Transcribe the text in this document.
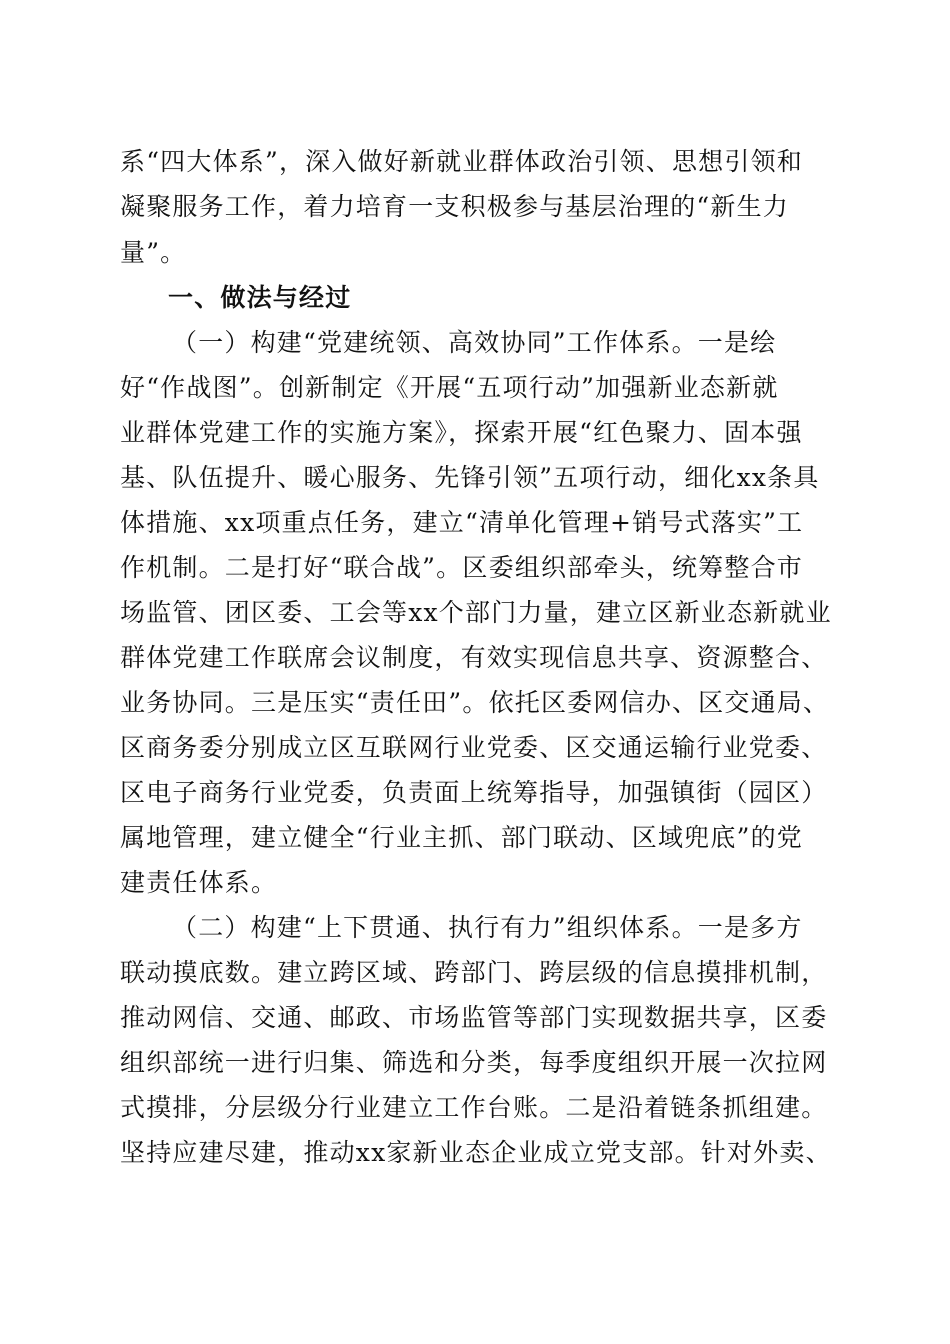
系“四大体系”，深入做好新就业群体政治引领、思想引领和
凝聚服务工作，着力培育一支积极参与基层治理的“新生力
量”。
一、做法与经过
（一）构建“党建统领、高效协同”工作体系。一是绘
好“作战图”。创新制定《开展“五项行动”加强新业态新就
业群体党建工作的实施方案》，探索开展“红色聚力、固本强
基、队伍提升、暖心服务、先锋引领”五项行动，细化xx条具
体措施、xx项重点任务，建立“清单化管理+销号式落实”工
作机制。二是打好“联合战”。区委组织部牵头，统筹整合市
场监管、团区委、工会等xx个部门力量，建立区新业态新就业
群体党建工作联席会议制度，有效实现信息共享、资源整合、
业务协同。三是压实“责任田”。依托区委网信办、区交通局、
区商务委分别成立区互联网行业党委、区交通运输行业党委、
区电子商务行业党委，负责面上统筹指导，加强镇街（园区）
属地管理，建立健全“行业主抓、部门联动、区域兜底”的党
建责任体系。
（二）构建“上下贯通、执行有力”组织体系。一是多方
联动摸底数。建立跨区域、跨部门、跨层级的信息摸排机制，
推动网信、交通、邮政、市场监管等部门实现数据共享，区委
组织部统一进行归集、筛选和分类，每季度组织开展一次拉网
式摸排，分层级分行业建立工作台账。二是沿着链条抓组建。
坚持应建尽建，推动xx家新业态企业成立党支部。针对外卖、
